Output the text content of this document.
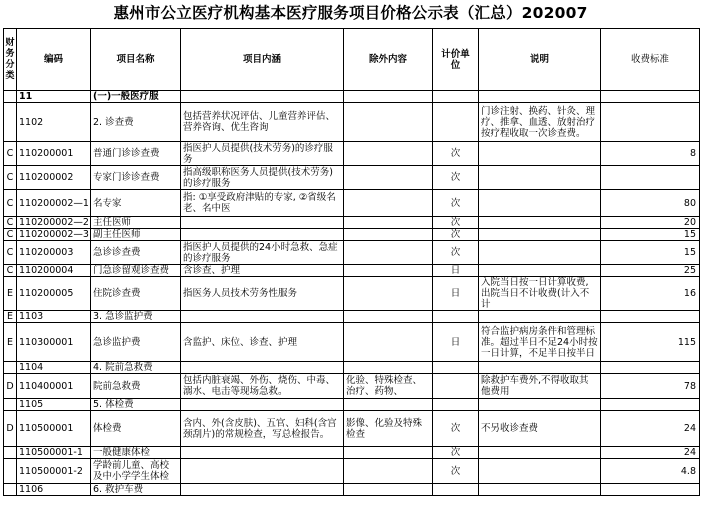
惠州市公立医疗机构基本医疗服务项目价格公示表（汇总）202007
财务分类	编码	项目名称	项目内涵	除外内容	计价单位	说明	收费标准
	11	(一)一般医疗服					
	1102	2. 诊查费	包括营养状况评估、儿童营养评估、营养咨询、优生咨询			门诊注射、换药、针灸、理疗、推拿、血透、放射治疗按疗程收取一次诊查费。	
C	110200001	普通门诊诊查费	指医护人员提供(技术劳务)的诊疗服务		次		8
C	110200002	专家门诊诊查费	指高级职称医务人员提供(技术劳务)的诊疗服务		次		
C	110200002—1	名专家	指: ①享受政府津贴的专家, ②省级名老、名中医		次		80
C	110200002—2	主任医师			次		20
C	110200002—3	副主任医师			次		15
C	110200003	急诊诊查费	指医护人员提供的24小时急救、急症的诊疗服务		次		15
C	110200004	门急诊留观诊查费	含诊查、护理		日		25
E	110200005	住院诊查费	指医务人员技术劳务性服务		日	入院当日按一日计算收费,出院当日不计收费(计入不计	16
E	1103	3. 急诊监护费					
E	110300001	急诊监护费	含监护、床位、诊查、护理		日	符合监护病房条件和管理标准。超过半日不足24小时按一日计算，不足半日按半日	115
	1104	4. 院前急救费					
D	110400001	院前急救费	包括内脏衰竭、外伤、烧伤、中毒、溺水、电击等现场急救。	化验、特殊检查、治疗、药物、		除救护车费外,不得收取其他费用	78
	1105	5. 体检费					
D	110500001	体检费	含内、外(含皮肤)、五官、妇科(含宫颈刮片)的常规检查，写总检报告。	影像、化验及特殊检查	次	不另收诊查费	24
	110500001-1	一般健康体检			次		24
	110500001-2	学龄前儿童、高校及中小学学生体检			次		4.8
	1106	6. 救护车费					
